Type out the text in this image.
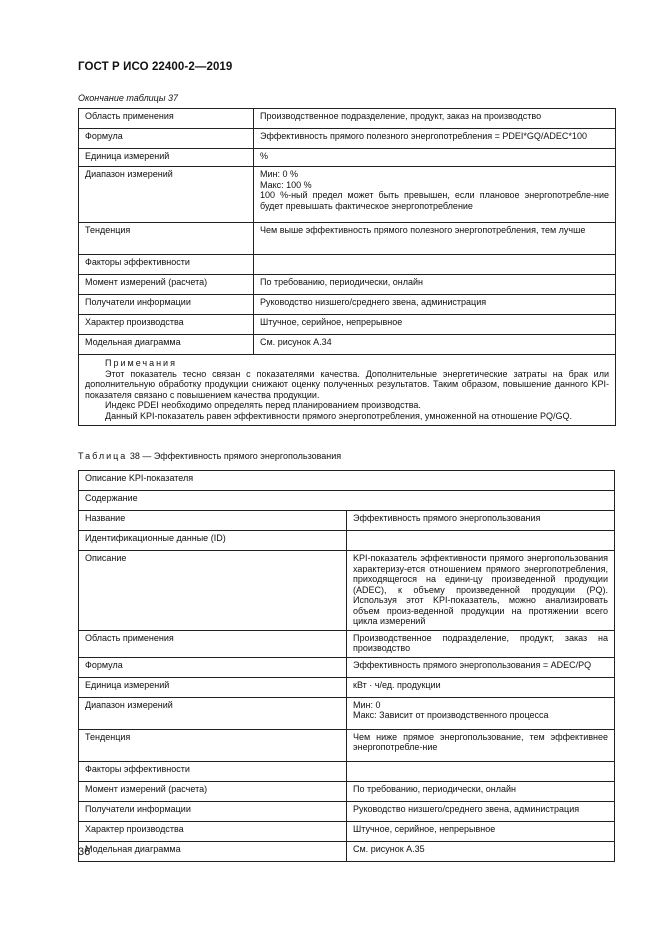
ГОСТ Р ИСО 22400-2—2019
Окончание таблицы 37
Область применения	Производственное подразделение, продукт, заказ на производство

Формула	Эффективность прямого полезного энергопотребления = PDEI*GQ/ADEC*100

Единица измерений	%

Диапазон измерений	Мин: 0 %
Макс: 100 %
100 %-ный предел может быть превышен, если плановое энергопотребле-ние будет превышать фактическое энергопотребление

Тенденция	Чем выше эффективность прямого полезного энергопотребления, тем лучше

Факторы эффективности	

Момент измерений (расчета)	По требованию, периодически, онлайн

Получатели информации	Руководство низшего/среднего звена, администрация

Характер производства	Штучное, серийное, непрерывное

Модельная диаграмма	См. рисунок А.34

Примечания
Этот показатель тесно связан с показателями качества. Дополнительные энергетические затраты на брак или дополнительную обработку продукции снижают оценку полученных результатов. Таким образом, повышение данного KPI-показателя связано с повышением качества продукции.
Индекс PDEI необходимо определять перед планированием производства.
Данный KPI-показатель равен эффективности прямого энергопотребления, умноженной на отношение PQ/GQ.	
Таблица 38 — Эффективность прямого энергопользования
Описание KPI-показателя	
Содержание	
Название	Эффективность прямого энергопользования

Идентификационные данные (ID)	

Описание	KPI-показатель эффективности прямого энергопользования характеризу-ется отношением прямого энергопотребления, приходящегося на едини-цу произведенной продукции (ADEC), к объему произведенной продукции (PQ). Используя этот KPI-показатель, можно анализировать объем произ-веденной продукции на протяжении всего цикла измерений

Область применения	Производственное подразделение, продукт, заказ на производство

Формула	Эффективность прямого энергопользования = ADEC/PQ

Единица измерений	кВт · ч/ед. продукции

Диапазон измерений	Мин: 0
Макс: Зависит от производственного процесса

Тенденция	Чем ниже прямое энергопользование, тем эффективнее энергопотребле-ние

Факторы эффективности	

Момент измерений (расчета)	По требованию, периодически, онлайн

Получатели информации	Руководство низшего/среднего звена, администрация

Характер производства	Штучное, серийное, непрерывное

Модельная диаграмма	См. рисунок А.35
36
